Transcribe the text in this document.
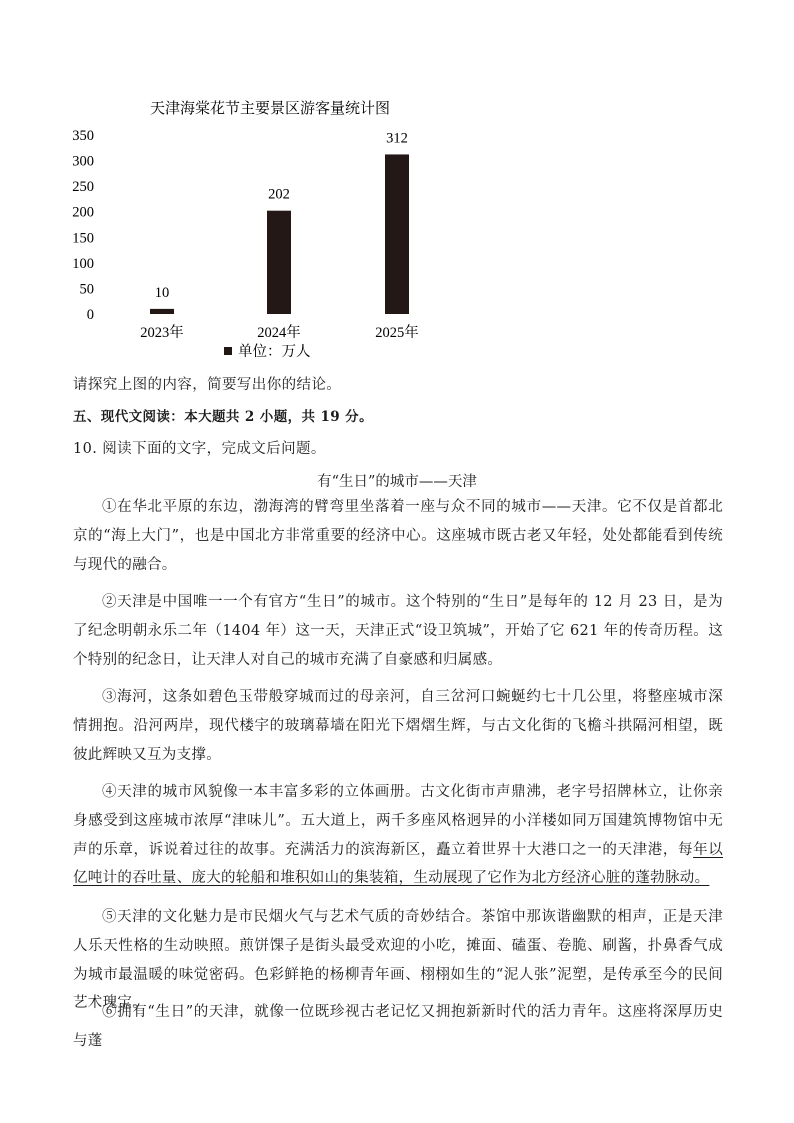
天津海棠花节主要景区游客量统计图
350
300
250
200
150
100
50
0
10
202
312
2023年	2024年	2025年
单位：万人
请探究上图的内容，简要写出你的结论。
五、现代文阅读：本大题共 2 小题，共 19 分。
10. 阅读下面的文字，完成文后问题。
有“生日”的城市——天津

①在华北平原的东边，渤海湾的臂弯里坐落着一座与众不同的城市——天津。它不仅是首都北京的“海上大门”，也是中国北方非常重要的经济中心。这座城市既古老又年轻，处处都能看到传统与现代的融合。

②天津是中国唯一一个有官方“生日”的城市。这个特别的“生日”是每年的 12 月 23 日，是为了纪念明朝永乐二年（1404 年）这一天，天津正式“设卫筑城”，开始了它 621 年的传奇历程。这个特别的纪念日，让天津人对自己的城市充满了自豪感和归属感。

③海河，这条如碧色玉带般穿城而过的母亲河，自三岔河口蜿蜒约七十几公里，将整座城市深情拥抱。沿河两岸，现代楼宇的玻璃幕墙在阳光下熠熠生辉，与古文化街的飞檐斗拱隔河相望，既彼此辉映又互为支撑。

④天津的城市风貌像一本丰富多彩的立体画册。古文化街市声鼎沸，老字号招牌林立，让你亲身感受到这座城市浓厚“津味儿”。五大道上，两千多座风格迥异的小洋楼如同万国建筑博物馆中无声的乐章，诉说着过往的故事。充满活力的滨海新区，矗立着世界十大港口之一的天津港，每年以亿吨计的吞吐量、庞大的轮船和堆积如山的集装箱，生动展现了它作为北方经济心脏的蓬勃脉动。

⑤天津的文化魅力是市民烟火气与艺术气质的奇妙结合。茶馆中那诙谐幽默的相声，正是天津人乐天性格的生动映照。煎饼馃子是街头最受欢迎的小吃，摊面、磕蛋、卷脆、刷酱，扑鼻香气成为城市最温暖的味觉密码。色彩鲜艳的杨柳青年画、栩栩如生的“泥人张”泥塑，是传承至今的民间艺术瑰宝。

⑥拥有“生日”的天津，就像一位既珍视古老记忆又拥抱新新时代的活力青年。这座将深厚历史与蓬
